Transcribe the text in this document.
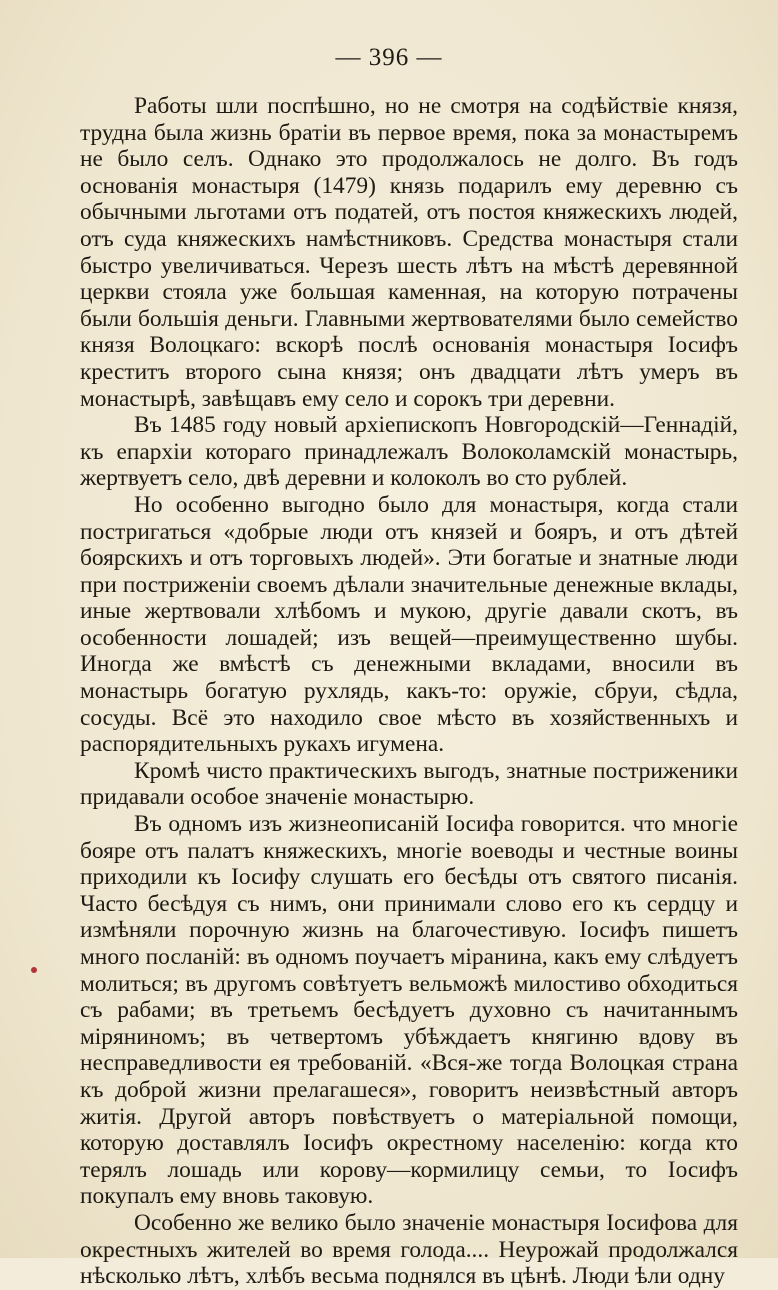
— 396 —

Работы шли поспѣшно, но не смотря на содѣйствіе князя, трудна была жизнь братіи въ первое время, пока за монастыремъ не было селъ. Однако это продолжалось не долго. Въ годъ основанія монастыря (1479) князь подарилъ ему деревню съ обычными льготами отъ податей, отъ постоя княжескихъ людей, отъ суда княжескихъ намѣстниковъ. Средства монастыря стали быстро увеличиваться. Черезъ шесть лѣтъ на мѣстѣ деревянной церкви стояла уже большая каменная, на которую потрачены были большія деньги. Главными жертвователями было семейство князя Волоцкаго: вскорѣ послѣ основанія монастыря Іосифъ креститъ второго сына князя; онъ двадцати лѣтъ умеръ въ монастырѣ, завѣщавъ ему село и сорокъ три деревни.

Въ 1485 году новый архіепископъ Новгородскій—Геннадій, къ епархіи котораго принадлежалъ Волоколамскій монастырь, жертвуетъ село, двѣ деревни и колоколъ во сто рублей.

Но особенно выгодно было для монастыря, когда стали постригаться «добрые люди отъ князей и бояръ, и отъ дѣтей боярскихъ и отъ торговыхъ людей». Эти богатые и знатные люди при постриженіи своемъ дѣлали значительные денежные вклады, иные жертвовали хлѣбомъ и мукою, другіе давали скотъ, въ особенности лошадей; изъ вещей—преимущественно шубы. Иногда же вмѣстѣ съ денежными вкладами, вносили въ монастырь богатую рухлядь, какъ-то: оружіе, сбруи, сѣдла, сосуды. Всё это находило свое мѣсто въ хозяйственныхъ и распорядительныхъ рукахъ игумена.

Кромѣ чисто практическихъ выгодъ, знатные постриженики придавали особое значеніе монастырю.

Въ одномъ изъ жизнеописаній Іосифа говорится. что многіе бояре отъ палатъ княжескихъ, многіе воеводы и честные воины приходили къ Іосифу слушать его бесѣды отъ святого писанія. Часто бесѣдуя съ нимъ, они принимали слово его къ сердцу и измѣняли порочную жизнь на благочестивую. Іосифъ пишетъ много посланій: въ одномъ поучаетъ міранина, какъ ему слѣдуетъ молиться; въ другомъ совѣтуетъ вельможѣ милостиво обходиться съ рабами; въ третьемъ бесѣдуетъ духовно съ начитаннымъ міряниномъ; въ четвертомъ убѣждаетъ княгиню вдову въ несправедливости ея требованій. «Вся-же тогда Волоцкая страна къ доброй жизни прелагашеся», говоритъ неизвѣстный авторъ житія. Другой авторъ повѣствуетъ о матеріальной помощи, которую доставлялъ Іосифъ окрестному населенію: когда кто терялъ лошадь или корову—кормилицу семьи, то Іосифъ покупалъ ему вновь таковую.

Особенно же велико было значеніе монастыря Іосифова для окрестныхъ жителей во время голода.... Неурожай продолжался нѣсколько лѣтъ, хлѣбъ весьма поднялся въ цѣнѣ. Люди ѣли одну
